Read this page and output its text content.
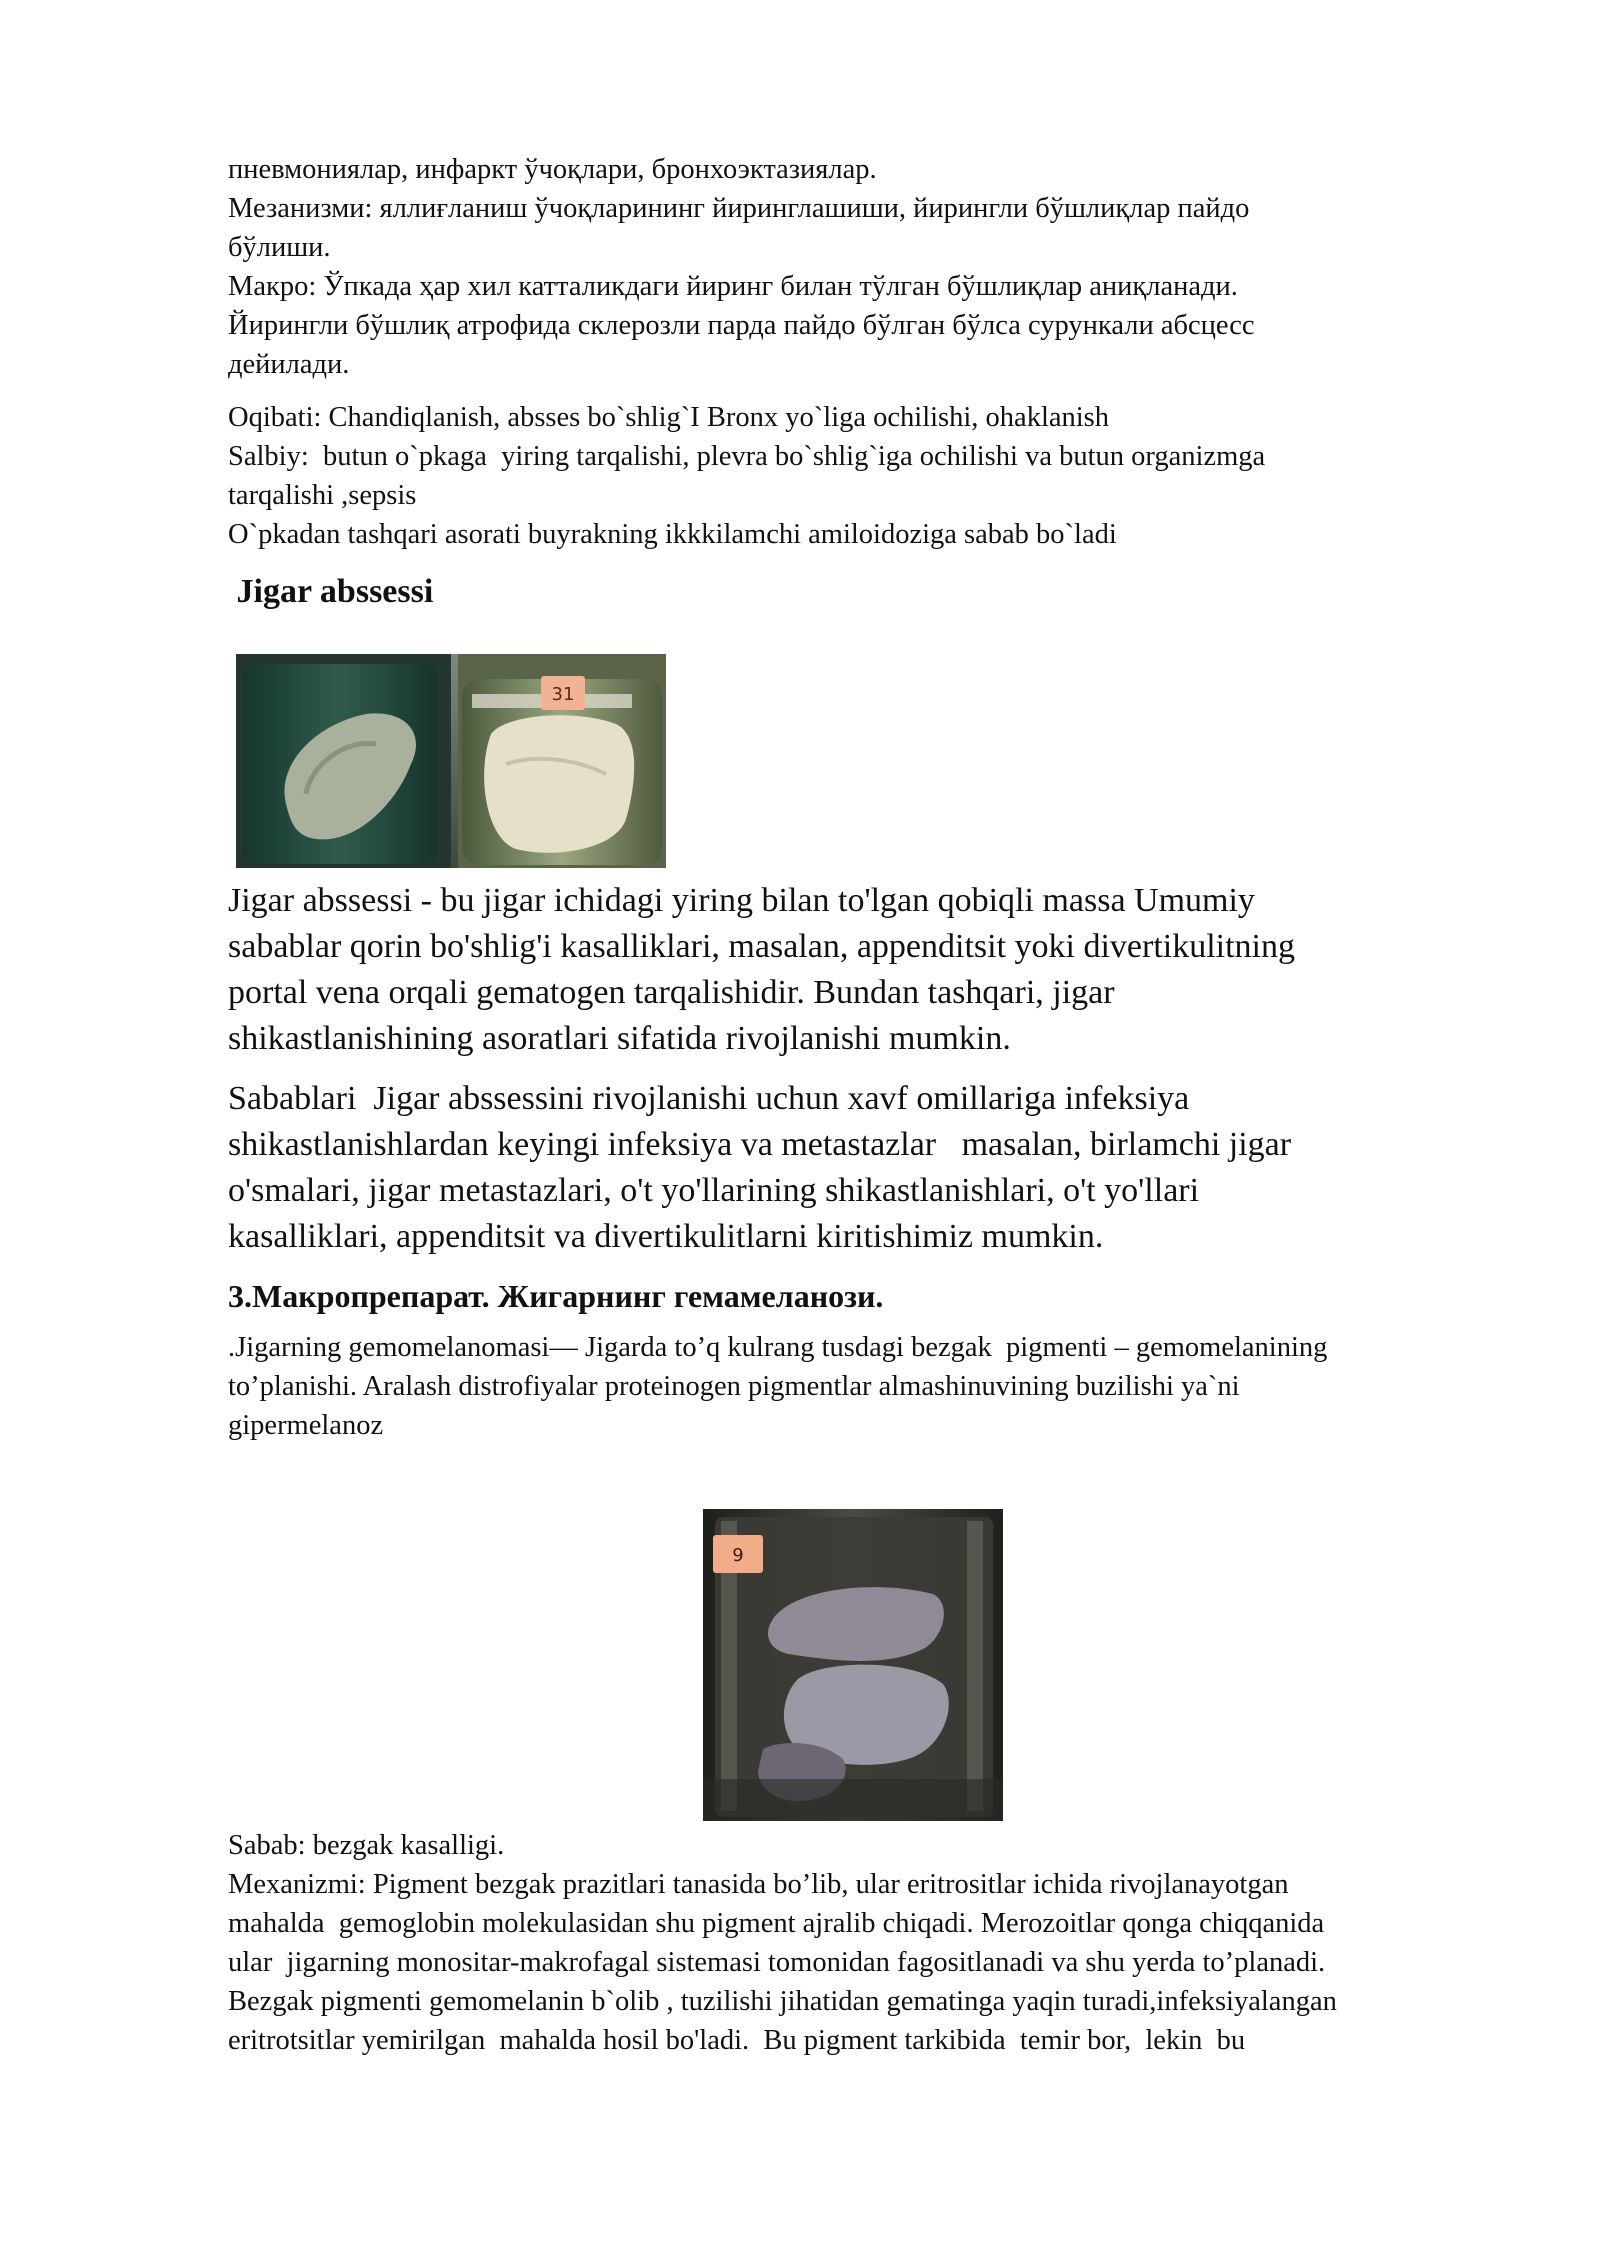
пневмониялар, инфаркт ўчоқлари, бронхоэктазиялар.

Мезанизми: яллиғланиш ўчоқларининг йиринглашиши, йирингли бўшлиқлар пайдо

бўлиши.

Макро: Ўпкада ҳар хил катталикдаги йиринг билан тўлган бўшлиқлар аниқланади.

Йирингли бўшлиқ атрофида склерозли парда пайдо бўлган бўлса сурункали абсцесс

дейилади.

Oqibati: Chandiqlanish, absses bo`shlig`I Bronx yo`liga ochilishi, ohaklanish

Salbiy:  butun o`pkaga  yiring tarqalishi, plevra bo`shlig`iga ochilishi va butun organizmga

tarqalishi ,sepsis

O`pkadan tashqari asorati buyrakning ikkkilamchi amiloidoziga sabab bo`ladi

Jigar abssessi

31

Jigar abssessi - bu jigar ichidagi yiring bilan to'lgan qobiqli massa Umumiy

sabablar qorin bo'shlig'i kasalliklari, masalan, appenditsit yoki divertikulitning

portal vena orqali gematogen tarqalishidir. Bundan tashqari, jigar

shikastlanishining asoratlari sifatida rivojlanishi mumkin.

Sabablari  Jigar abssessini rivojlanishi uchun xavf omillariga infeksiya

shikastlanishlardan keyingi infeksiya va metastazlar   masalan, birlamchi jigar

o'smalari, jigar metastazlari, o't yo'llarining shikastlanishlari, o't yo'llari

kasalliklari, appenditsit va divertikulitlarni kiritishimiz mumkin.

3.Макропрепарат. Жигарнинг гемамеланози.

.Jigarning gemomelanomasi— Jigarda to’q kulrang tusdagi bezgak  pigmenti – gemomelanining

to’planishi. Aralash distrofiyalar proteinogen pigmentlar almashinuvining buzilishi ya`ni

gipermelanoz

9

Sabab: bezgak kasalligi.

Mexanizmi: Pigment bezgak prazitlari tanasida bo’lib, ular eritrositlar ichida rivojlanayotgan

mahalda  gemoglobin molekulasidan shu pigment ajralib chiqadi. Merozoitlar qonga chiqqanida

ular  jigarning monositar-makrofagal sistemasi tomonidan fagositlanadi va shu yerda to’planadi.

Bezgak pigmenti gemomelanin b`olib , tuzilishi jihatidan gematinga yaqin turadi,infeksiyalangan

eritrotsitlar yemirilgan  mahalda hosil bo'ladi.  Bu pigment tarkibida  temir bor,  lekin  bu
